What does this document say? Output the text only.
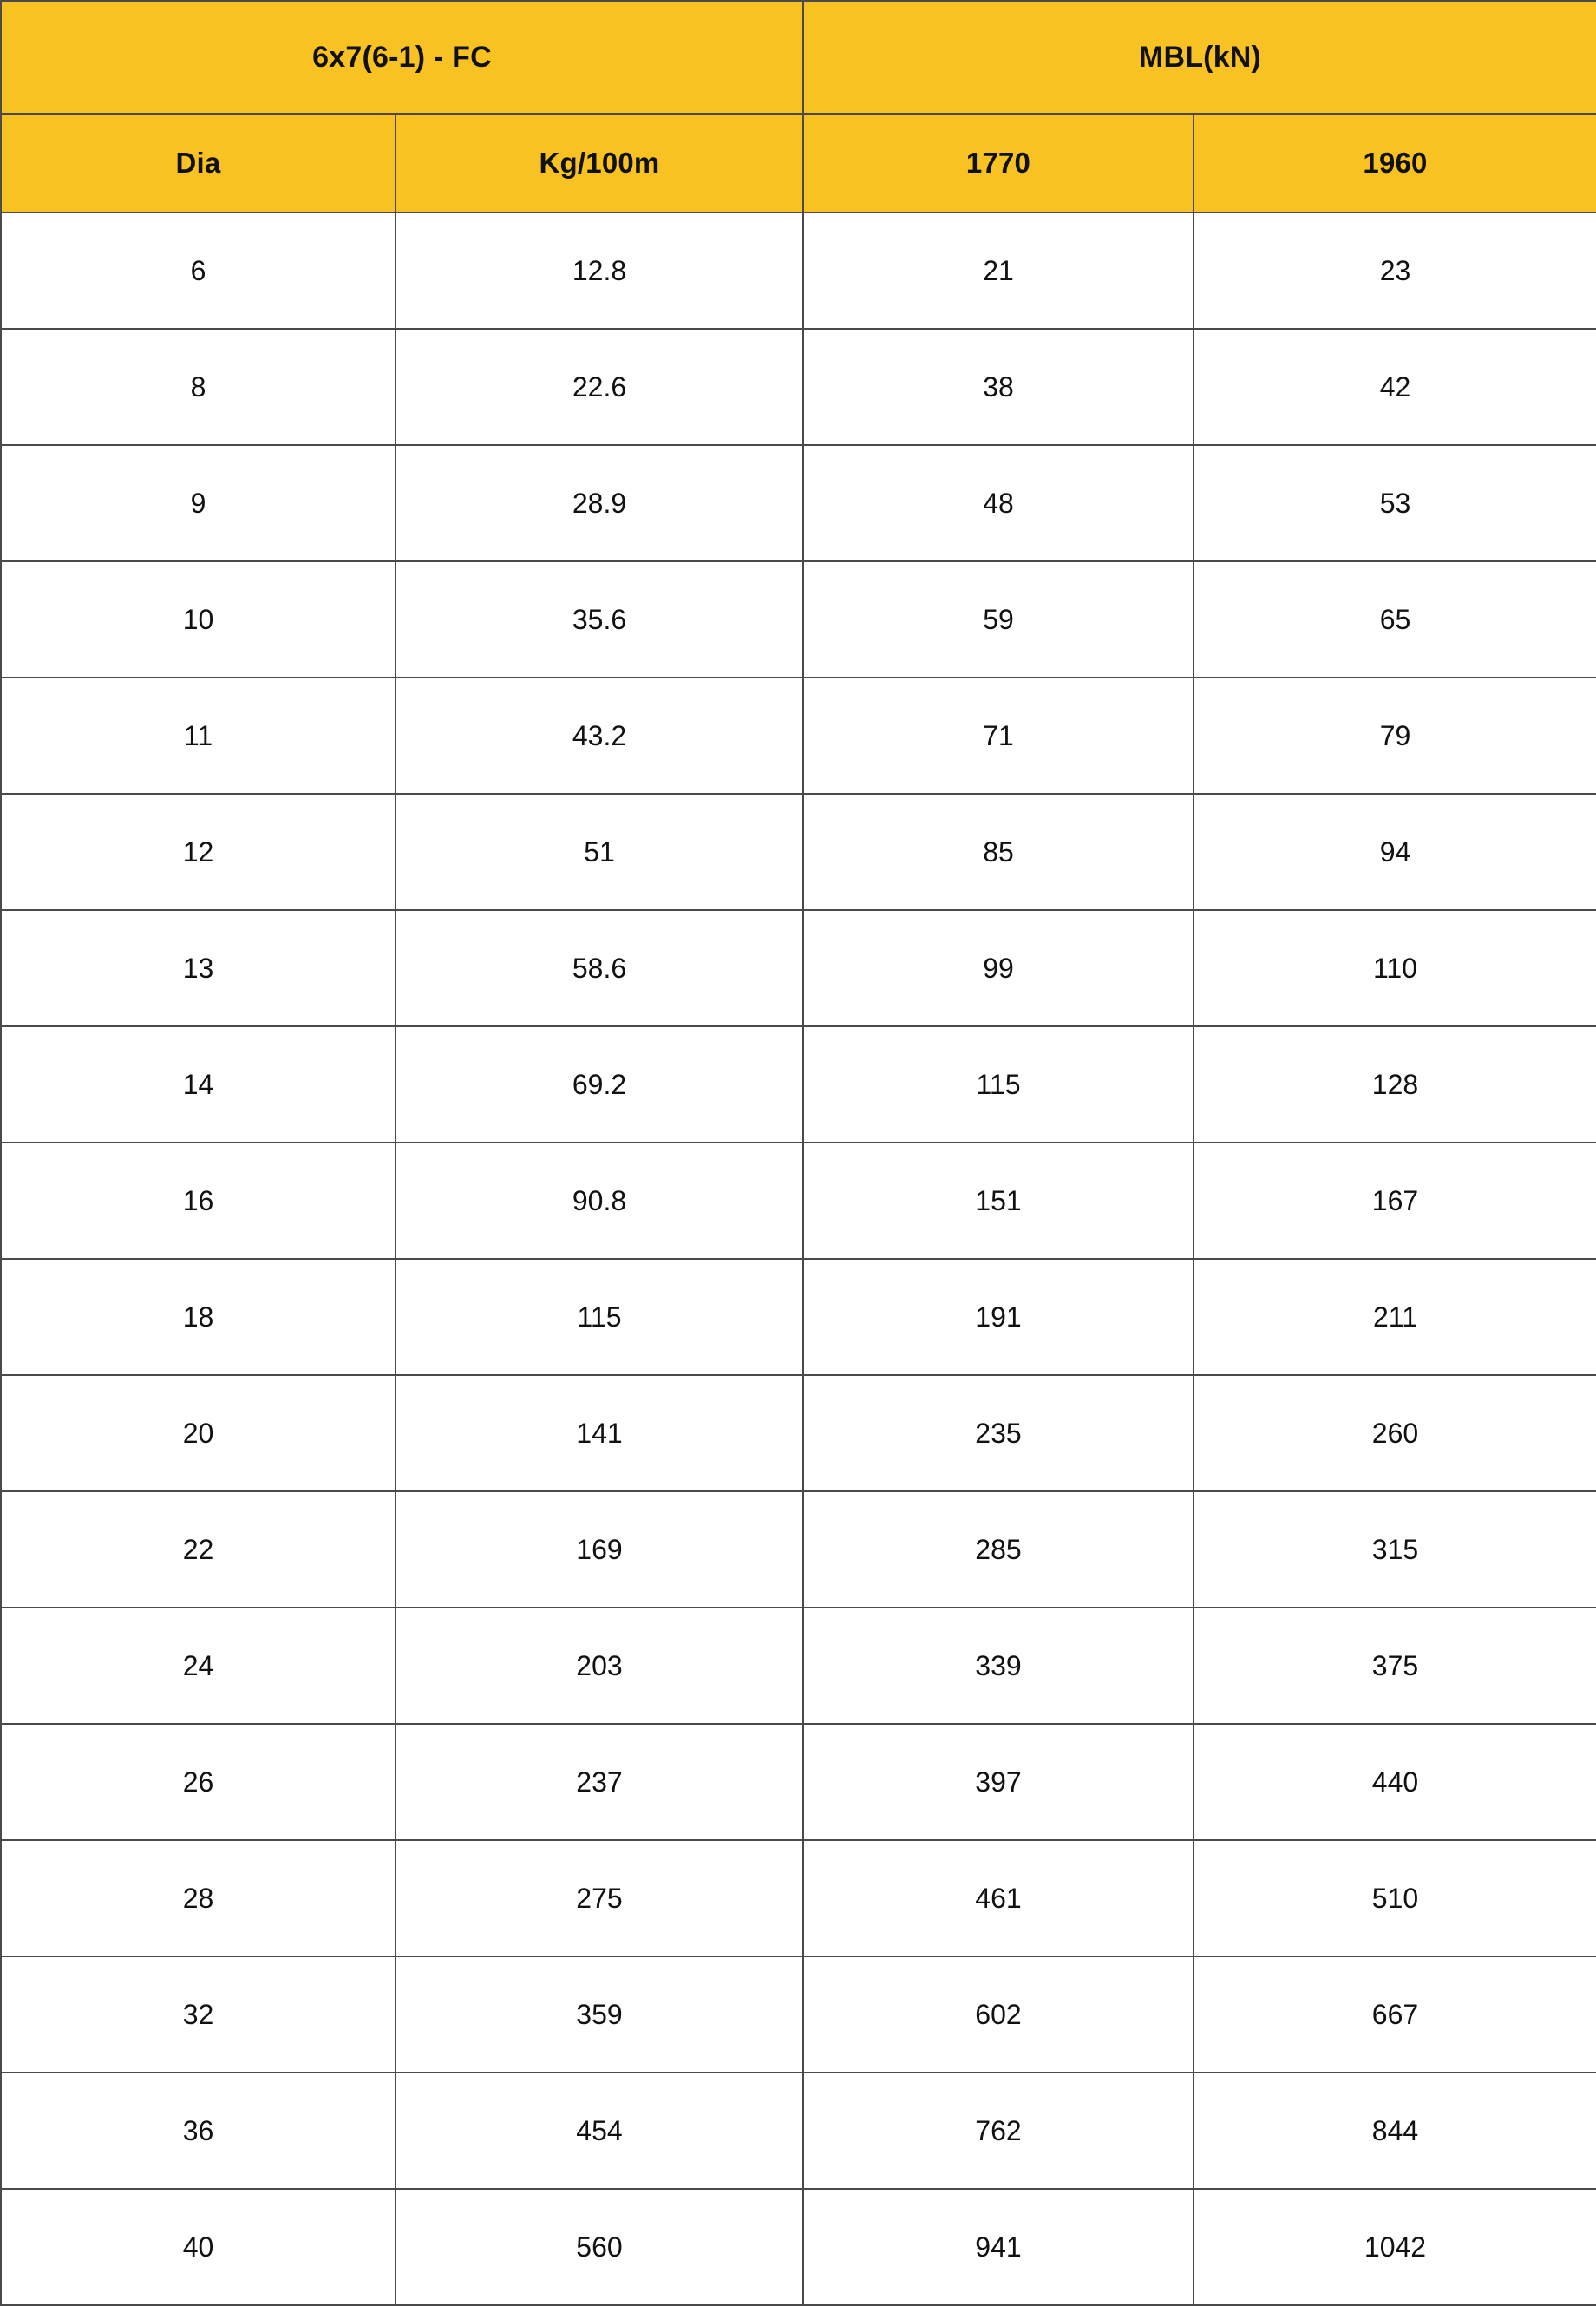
6x7(6-1) - FC		MBL(kN)	
Dia	Kg/100m	1770	1960
6	12.8	21	23
8	22.6	38	42
9	28.9	48	53
10	35.6	59	65
11	43.2	71	79
12	51	85	94
13	58.6	99	110
14	69.2	115	128
16	90.8	151	167
18	115	191	211
20	141	235	260
22	169	285	315
24	203	339	375
26	237	397	440
28	275	461	510
32	359	602	667
36	454	762	844
40	560	941	1042
